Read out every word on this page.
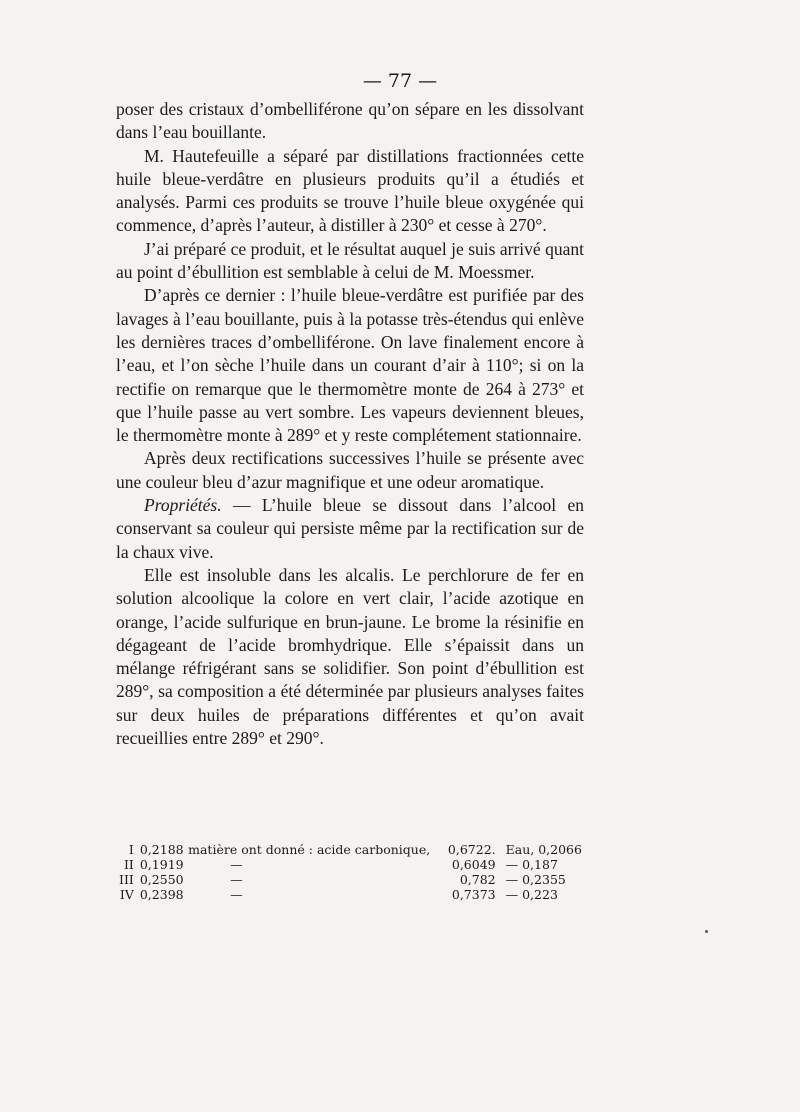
— 77 —

poser des cristaux d’ombelliférone qu’on sépare en les dissolvant dans l’eau bouillante.

M. Hautefeuille a séparé par distillations fractionnées cette huile bleue-verdâtre en plusieurs produits qu’il a étudiés et analysés. Parmi ces produits se trouve l’huile bleue oxygénée qui commence, d’après l’auteur, à distiller à 230° et cesse à 270°.

J’ai préparé ce produit, et le résultat auquel je suis arrivé quant au point d’ébullition est semblable à celui de M. Moessmer.

D’après ce dernier : l’huile bleue-verdâtre est purifiée par des lavages à l’eau bouillante, puis à la potasse très-étendus qui enlève les dernières traces d’ombelliférone. On lave finalement encore à l’eau, et l’on sèche l’huile dans un courant d’air à 110°; si on la rectifie on remarque que le thermomètre monte de 264 à 273° et que l’huile passe au vert sombre. Les vapeurs deviennent bleues, le thermomètre monte à 289° et y reste complétement stationnaire.

Après deux rectifications successives l’huile se présente avec une couleur bleu d’azur magnifique et une odeur aromatique.

Propriétés. — L’huile bleue se dissout dans l’alcool en conservant sa couleur qui persiste même par la rectification sur de la chaux vive.

Elle est insoluble dans les alcalis. Le perchlorure de fer en solution alcoolique la colore en vert clair, l’acide azotique en orange, l’acide sulfurique en brun-jaune. Le brome la résinifie en dégageant de l’acide bromhydrique. Elle s’épaissit dans un mélange réfrigérant sans se solidifier. Son point d’ébullition est 289°, sa composition a été déterminée par plusieurs analyses faites sur deux huiles de préparations différentes et qu’on avait recueillies entre 289° et 290°.

I	0,2188	matière ont donné : acide carbonique,	0,6722.	Eau, 0,2066
II	0,1919	—	0,6049	— 0,187
III	0,2550	—	0,782	— 0,2355
IV	0,2398	—	0,7373	— 0,223
